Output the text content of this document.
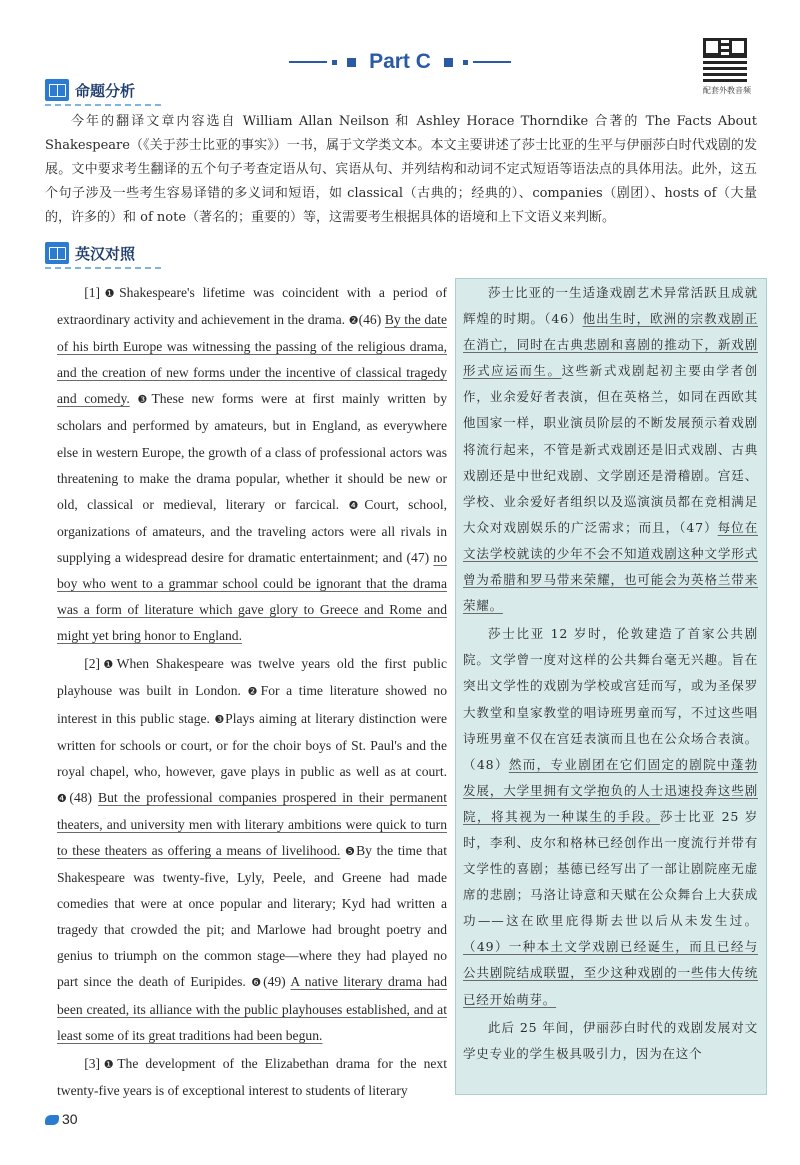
Part C
配套外教音频
命题分析
今年的翻译文章内容选自 William Allan Neilson 和 Ashley Horace Thorndike 合著的 The Facts About Shakespeare（《关于莎士比亚的事实》）一书，属于文学类文本。本文主要讲述了莎士比亚的生平与伊丽莎白时代戏剧的发展。文中要求考生翻译的五个句子考查定语从句、宾语从句、并列结构和动词不定式短语等语法点的具体用法。此外，这五个句子涉及一些考生容易译错的多义词和短语，如 classical（古典的；经典的）、companies（剧团）、hosts of（大量的，许多的）和 of note（著名的；重要的）等，这需要考生根据具体的语境和上下文语义来判断。
英汉对照

[1]❶Shakespeare's lifetime was coincident with a period of extraordinary activity and achievement in the drama. ❷(46) By the date of his birth Europe was witnessing the passing of the religious drama, and the creation of new forms under the incentive of classical tragedy and comedy. ❸These new forms were at first mainly written by scholars and performed by amateurs, but in England, as everywhere else in western Europe, the growth of a class of professional actors was threatening to make the drama popular, whether it should be new or old, classical or medieval, literary or farcical. ❹Court, school, organizations of amateurs, and the traveling actors were all rivals in supplying a widespread desire for dramatic entertainment; and (47) no boy who went to a grammar school could be ignorant that the drama was a form of literature which gave glory to Greece and Rome and might yet bring honor to England.

[2]❶When Shakespeare was twelve years old the first public playhouse was built in London. ❷For a time literature showed no interest in this public stage. ❸Plays aiming at literary distinction were written for schools or court, or for the choir boys of St. Paul's and the royal chapel, who, however, gave plays in public as well as at court. ❹(48) But the professional companies prospered in their permanent theaters, and university men with literary ambitions were quick to turn to these theaters as offering a means of livelihood. ❺By the time that Shakespeare was twenty-five, Lyly, Peele, and Greene had made comedies that were at once popular and literary; Kyd had written a tragedy that crowded the pit; and Marlowe had brought poetry and genius to triumph on the common stage—where they had played no part since the death of Euripides. ❻(49) A native literary drama had been created, its alliance with the public playhouses established, and at least some of its great traditions had been begun.

[3]❶The development of the Elizabethan drama for the next twenty-five years is of exceptional interest to students of literary

莎士比亚的一生适逢戏剧艺术异常活跃且成就辉煌的时期。（46）他出生时，欧洲的宗教戏剧正在消亡，同时在古典悲剧和喜剧的推动下，新戏剧形式应运而生。这些新式戏剧起初主要由学者创作，业余爱好者表演，但在英格兰，如同在西欧其他国家一样，职业演员阶层的不断发展预示着戏剧将流行起来，不管是新式戏剧还是旧式戏剧、古典戏剧还是中世纪戏剧、文学剧还是滑稽剧。宫廷、学校、业余爱好者组织以及巡演演员都在竞相满足大众对戏剧娱乐的广泛需求；而且，（47）每位在文法学校就读的少年不会不知道戏剧这种文学形式曾为希腊和罗马带来荣耀，也可能会为英格兰带来荣耀。

莎士比亚 12 岁时，伦敦建造了首家公共剧院。文学曾一度对这样的公共舞台毫无兴趣。旨在突出文学性的戏剧为学校或宫廷而写，或为圣保罗大教堂和皇家教堂的唱诗班男童而写，不过这些唱诗班男童不仅在宫廷表演而且也在公众场合表演。（48）然而，专业剧团在它们固定的剧院中蓬勃发展，大学里拥有文学抱负的人士迅速投奔这些剧院，将其视为一种谋生的手段。莎士比亚 25 岁时，李利、皮尔和格林已经创作出一度流行并带有文学性的喜剧；基德已经写出了一部让剧院座无虚席的悲剧；马洛让诗意和天赋在公众舞台上大获成功——这在欧里庇得斯去世以后从未发生过。（49）一种本土文学戏剧已经诞生，而且已经与公共剧院结成联盟，至少这种戏剧的一些伟大传统已经开始萌芽。

此后 25 年间，伊丽莎白时代的戏剧发展对文学史专业的学生极具吸引力，因为在这个

30
